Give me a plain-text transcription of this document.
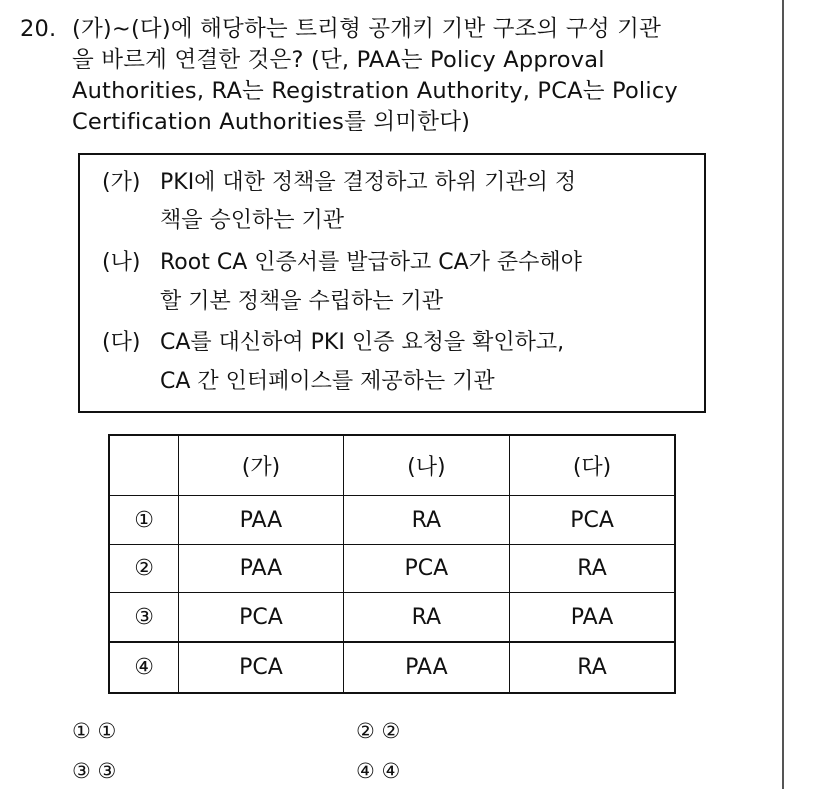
20. (가)~(다)에 해당하는 트리형 공개키 기반 구조의 구성 기관
을 바르게 연결한 것은? (단, PAA는 Policy Approval
Authorities, RA는 Registration Authority, PCA는 Policy
Certification Authorities를 의미한다)
(가) PKI에 대한 정책을 결정하고 하위 기관의 정
책을 승인하는 기관
(나) Root CA 인증서를 발급하고 CA가 준수해야
할 기본 정책을 수립하는 기관
(다) CA를 대신하여 PKI 인증 요청을 확인하고,
CA 간 인터페이스를 제공하는 기관
	(가)	(나)	(다)
①	PAA	RA	PCA
②	PAA	PCA	RA
③	PCA	RA	PAA
④	PCA	PAA	RA
① ①	② ②
③ ③	④ ④
